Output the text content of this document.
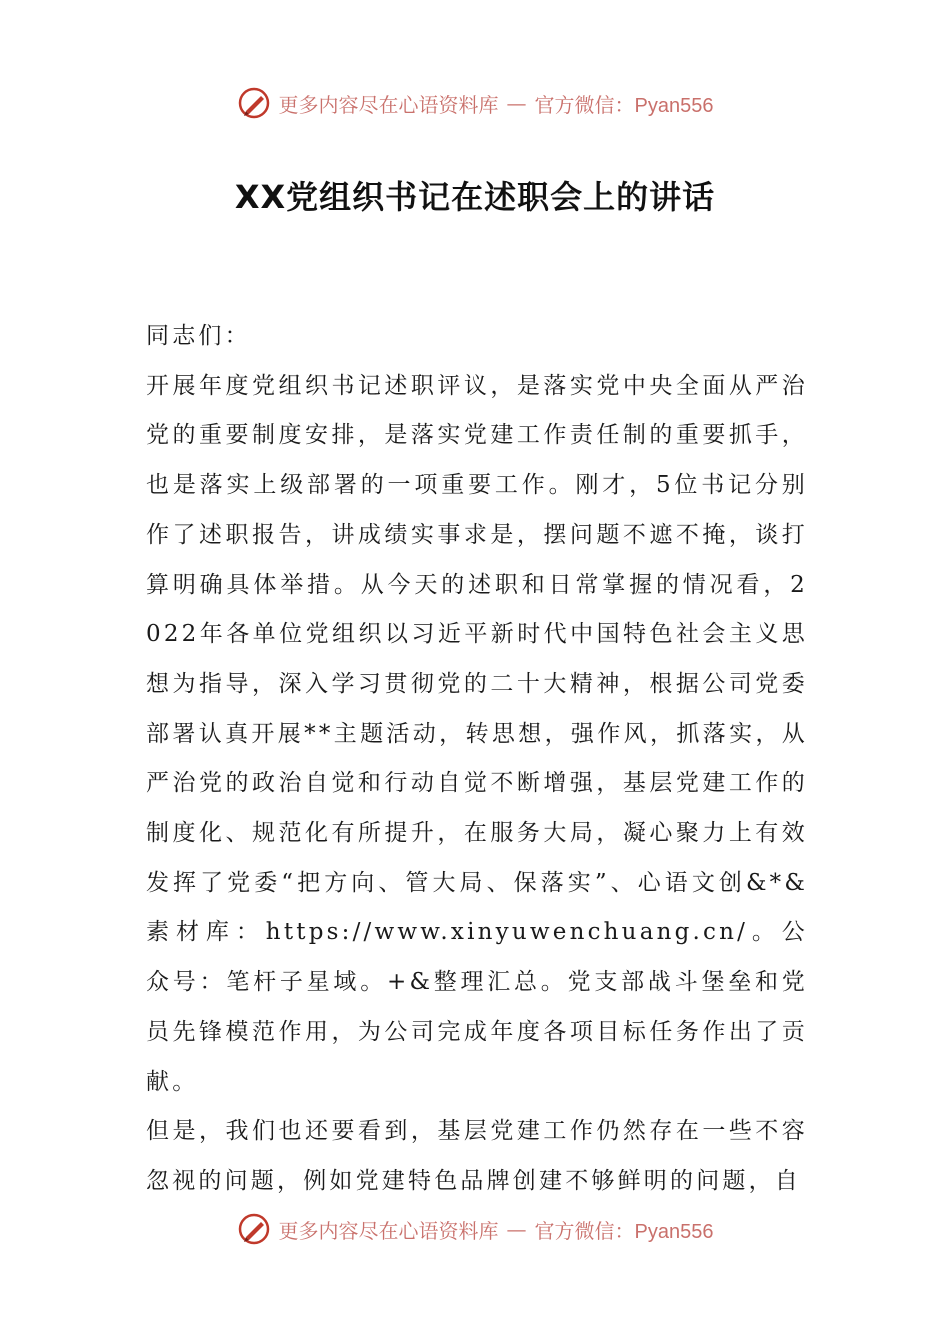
更多内容尽在心语资料库 — 官方微信：Pyan556
XX党组织书记在述职会上的讲话

同志们：

开展年度党组织书记述职评议，是落实党中央全面从严治党的重要制度安排，是落实党建工作责任制的重要抓手，也是落实上级部署的一项重要工作。刚才，5位书记分别作了述职报告，讲成绩实事求是，摆问题不遮不掩，谈打算明确具体举措。从今天的述职和日常掌握的情况看，2022年各单位党组织以习近平新时代中国特色社会主义思想为指导，深入学习贯彻党的二十大精神，根据公司党委部署认真开展**主题活动，转思想，强作风，抓落实，从严治党的政治自觉和行动自觉不断增强，基层党建工作的制度化、规范化有所提升，在服务大局，凝心聚力上有效发挥了党委“把方向、管大局、保落实”、心语文创&*&素材库：https://www.xinyuwenchuang.cn/。公众号：笔杆子星域。+&整理汇总。党支部战斗堡垒和党员先锋模范作用，为公司完成年度各项目标任务作出了贡献。

但是，我们也还要看到，基层党建工作仍然存在一些不容忽视的问题，例如党建特色品牌创建不够鲜明的问题，自

更多内容尽在心语资料库 — 官方微信：Pyan556
